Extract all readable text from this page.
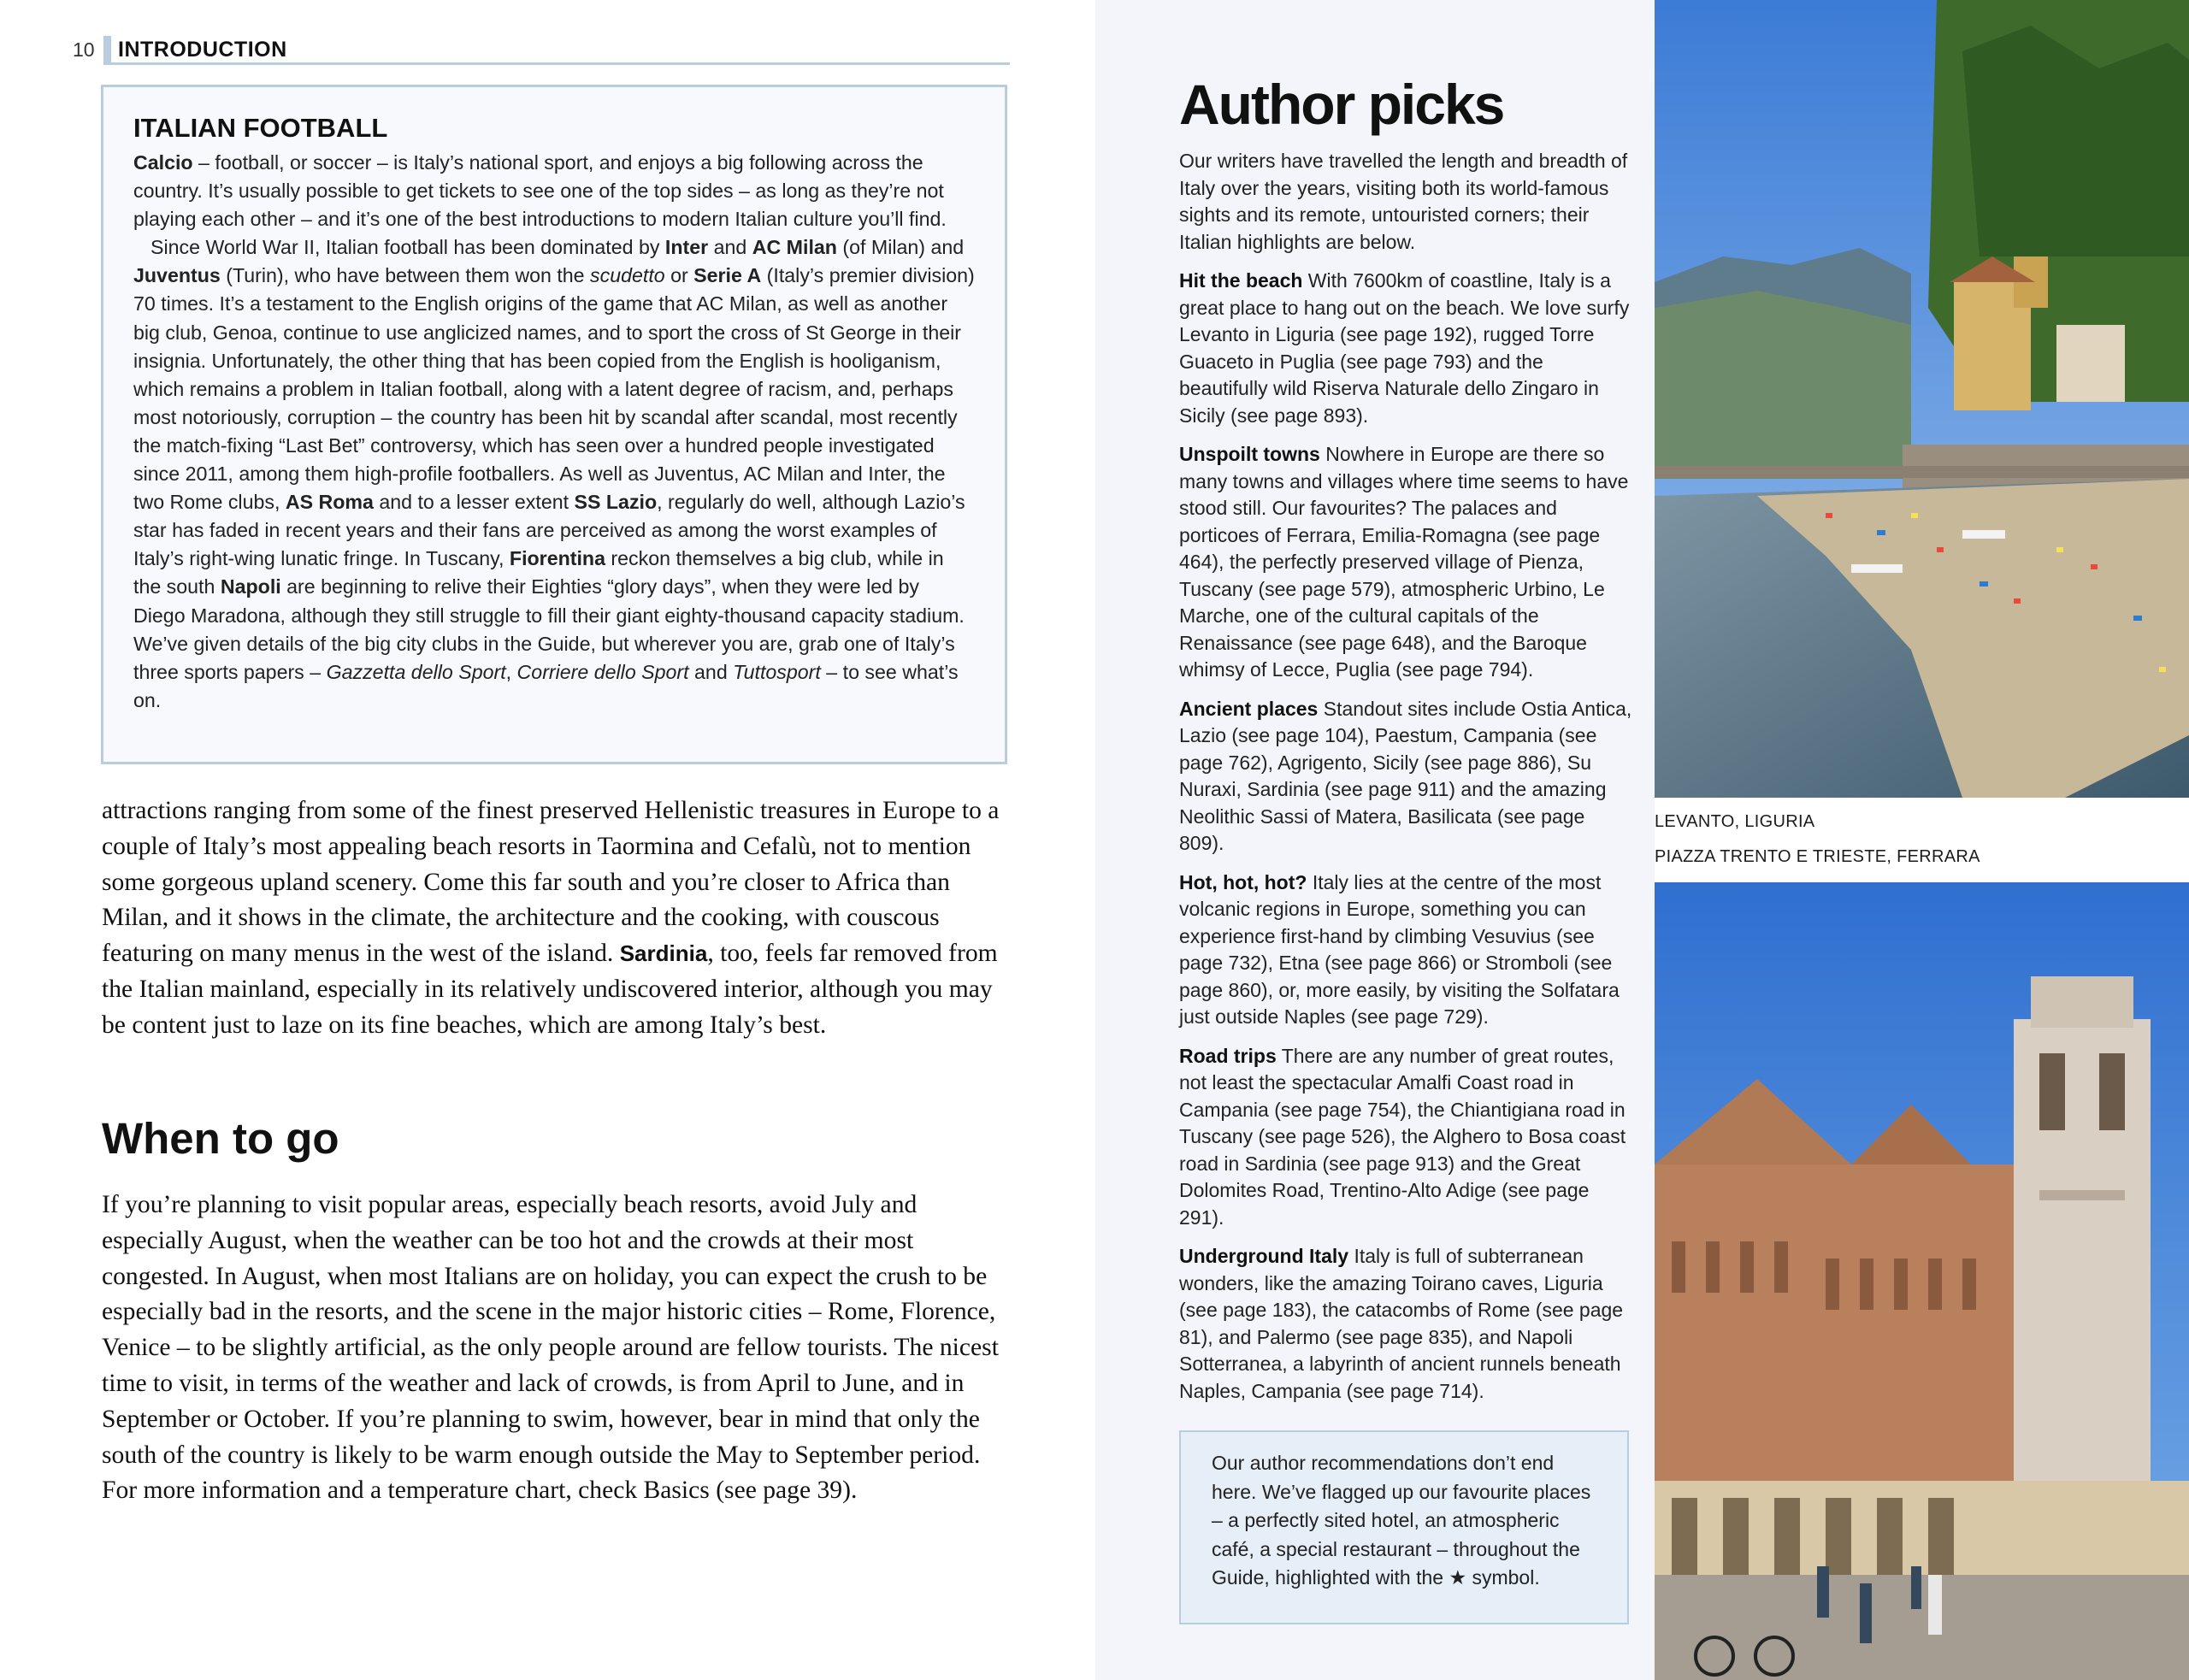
10 INTRODUCTION
ITALIAN FOOTBALL

Calcio – football, or soccer – is Italy’s national sport, and enjoys a big following across the country. It’s usually possible to get tickets to see one of the top sides – as long as they’re not playing each other – and it’s one of the best introductions to modern Italian culture you’ll find.

Since World War II, Italian football has been dominated by Inter and AC Milan (of Milan) and Juventus (Turin), who have between them won the scudetto or Serie A (Italy’s premier division) 70 times. It’s a testament to the English origins of the game that AC Milan, as well as another big club, Genoa, continue to use anglicized names, and to sport the cross of St George in their insignia. Unfortunately, the other thing that has been copied from the English is hooliganism, which remains a problem in Italian football, along with a latent degree of racism, and, perhaps most notoriously, corruption – the country has been hit by scandal after scandal, most recently the match-fixing “Last Bet” controversy, which has seen over a hundred people investigated since 2011, among them high-profile footballers. As well as Juventus, AC Milan and Inter, the two Rome clubs, AS Roma and to a lesser extent SS Lazio, regularly do well, although Lazio’s star has faded in recent years and their fans are perceived as among the worst examples of Italy’s right-wing lunatic fringe. In Tuscany, Fiorentina reckon themselves a big club, while in the south Napoli are beginning to relive their Eighties “glory days”, when they were led by Diego Maradona, although they still struggle to fill their giant eighty-thousand capacity stadium. We’ve given details of the big city clubs in the Guide, but wherever you are, grab one of Italy’s three sports papers – Gazzetta dello Sport, Corriere dello Sport and Tuttosport – to see what’s on.

attractions ranging from some of the finest preserved Hellenistic treasures in Europe to a couple of Italy’s most appealing beach resorts in Taormina and Cefalù, not to mention some gorgeous upland scenery. Come this far south and you’re closer to Africa than Milan, and it shows in the climate, the architecture and the cooking, with couscous featuring on many menus in the west of the island. Sardinia, too, feels far removed from the Italian mainland, especially in its relatively undiscovered interior, although you may be content just to laze on its fine beaches, which are among Italy’s best.

When to go

If you’re planning to visit popular areas, especially beach resorts, avoid July and especially August, when the weather can be too hot and the crowds at their most congested. In August, when most Italians are on holiday, you can expect the crush to be especially bad in the resorts, and the scene in the major historic cities – Rome, Florence, Venice – to be slightly artificial, as the only people around are fellow tourists. The nicest time to visit, in terms of the weather and lack of crowds, is from April to June, and in September or October. If you’re planning to swim, however, bear in mind that only the south of the country is likely to be warm enough outside the May to September period. For more information and a temperature chart, check Basics (see page 39).

Author picks

Our writers have travelled the length and breadth of Italy over the years, visiting both its world-famous sights and its remote, untouristed corners; their Italian highlights are below.

Hit the beach With 7600km of coastline, Italy is a great place to hang out on the beach. We love surfy Levanto in Liguria (see page 192), rugged Torre Guaceto in Puglia (see page 793) and the beautifully wild Riserva Naturale dello Zingaro in Sicily (see page 893).

Unspoilt towns Nowhere in Europe are there so many towns and villages where time seems to have stood still. Our favourites? The palaces and porticoes of Ferrara, Emilia-Romagna (see page 464), the perfectly preserved village of Pienza, Tuscany (see page 579), atmospheric Urbino, Le Marche, one of the cultural capitals of the Renaissance (see page 648), and the Baroque whimsy of Lecce, Puglia (see page 794).

Ancient places Standout sites include Ostia Antica, Lazio (see page 104), Paestum, Campania (see page 762), Agrigento, Sicily (see page 886), Su Nuraxi, Sardinia (see page 911) and the amazing Neolithic Sassi of Matera, Basilicata (see page 809).

Hot, hot, hot? Italy lies at the centre of the most volcanic regions in Europe, something you can experience first-hand by climbing Vesuvius (see page 732), Etna (see page 866) or Stromboli (see page 860), or, more easily, by visiting the Solfatara just outside Naples (see page 729).

Road trips There are any number of great routes, not least the spectacular Amalfi Coast road in Campania (see page 754), the Chiantigiana road in Tuscany (see page 526), the Alghero to Bosa coast road in Sardinia (see page 913) and the Great Dolomites Road, Trentino-Alto Adige (see page 291).

Underground Italy Italy is full of subterranean wonders, like the amazing Toirano caves, Liguria (see page 183), the catacombs of Rome (see page 81), and Palermo (see page 835), and Napoli Sotterranea, a labyrinth of ancient runnels beneath Naples, Campania (see page 714).

Our author recommendations don’t end here. We’ve flagged up our favourite places – a perfectly sited hotel, an atmospheric café, a special restaurant – throughout the Guide, highlighted with the ★ symbol.
LEVANTO, LIGURIA
PIAZZA TRENTO E TRIESTE, FERRARA
